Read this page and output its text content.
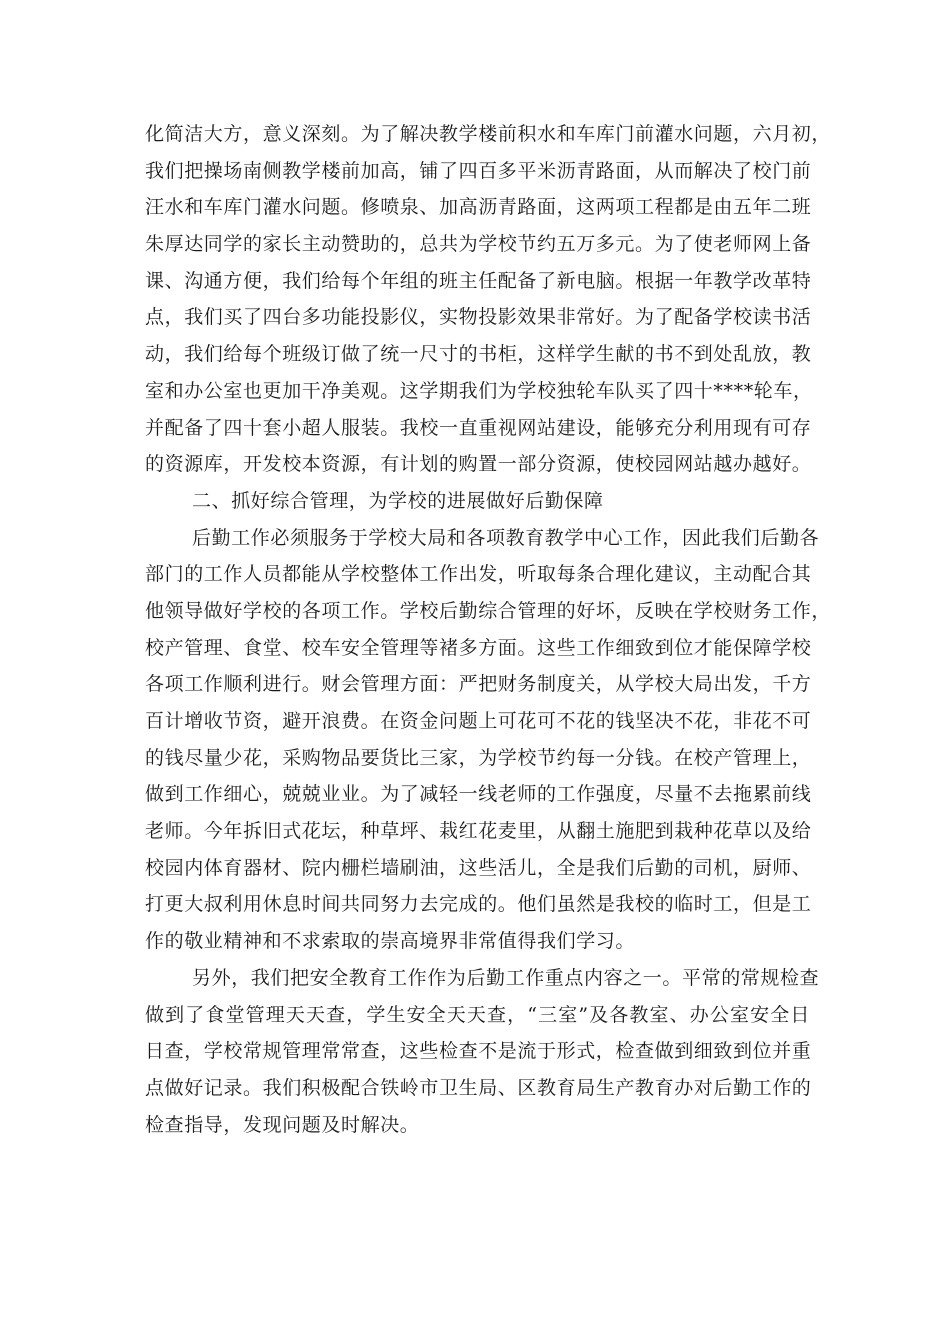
化简洁大方，意义深刻。为了解决教学楼前积水和车库门前灌水问题，六月初，
我们把操场南侧教学楼前加高，铺了四百多平米沥青路面，从而解决了校门前
汪水和车库门灌水问题。修喷泉、加高沥青路面，这两项工程都是由五年二班
朱厚达同学的家长主动赞助的，总共为学校节约五万多元。为了使老师网上备
课、沟通方便，我们给每个年组的班主任配备了新电脑。根据一年教学改革特
点，我们买了四台多功能投影仪，实物投影效果非常好。为了配备学校读书活
动，我们给每个班级订做了统一尺寸的书柜，这样学生献的书不到处乱放，教
室和办公室也更加干净美观。这学期我们为学校独轮车队买了四十****轮车，
并配备了四十套小超人服装。我校一直重视网站建设，能够充分利用现有可存
的资源库，开发校本资源，有计划的购置一部分资源，使校园网站越办越好。
二、抓好综合管理，为学校的进展做好后勤保障
后勤工作必须服务于学校大局和各项教育教学中心工作，因此我们后勤各
部门的工作人员都能从学校整体工作出发，听取每条合理化建议，主动配合其
他领导做好学校的各项工作。学校后勤综合管理的好坏，反映在学校财务工作，
校产管理、食堂、校车安全管理等褚多方面。这些工作细致到位才能保障学校
各项工作顺利进行。财会管理方面：严把财务制度关，从学校大局出发，千方
百计增收节资，避开浪费。在资金问题上可花可不花的钱坚决不花，非花不可
的钱尽量少花，采购物品要货比三家，为学校节约每一分钱。在校产管理上，
做到工作细心，兢兢业业。为了减轻一线老师的工作强度，尽量不去拖累前线
老师。今年拆旧式花坛，种草坪、栽红花麦里，从翻土施肥到栽种花草以及给
校园内体育器材、院内栅栏墙刷油，这些活儿，全是我们后勤的司机，厨师、
打更大叔利用休息时间共同努力去完成的。他们虽然是我校的临时工，但是工
作的敬业精神和不求索取的崇高境界非常值得我们学习。
另外，我们把安全教育工作作为后勤工作重点内容之一。平常的常规检查
做到了食堂管理天天查，学生安全天天查，“三室”及各教室、办公室安全日
日查，学校常规管理常常查，这些检查不是流于形式，检查做到细致到位并重
点做好记录。我们积极配合铁岭市卫生局、区教育局生产教育办对后勤工作的
检查指导，发现问题及时解决。
